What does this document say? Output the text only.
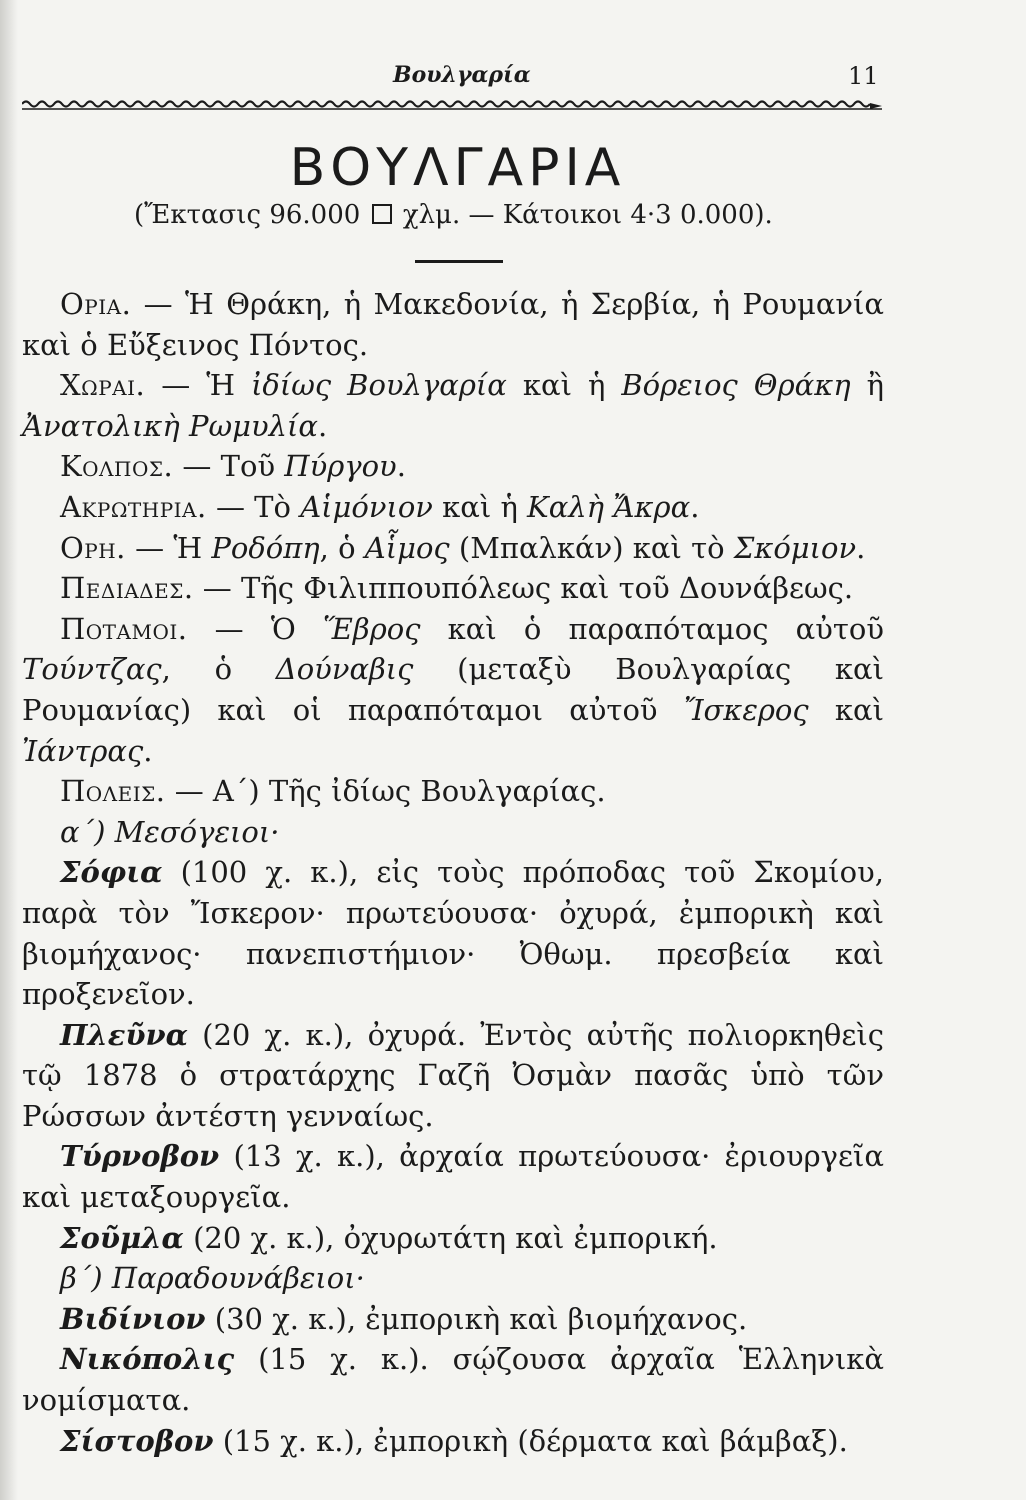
Βουλγαρία	11
ΒΟΥΛΓΑΡΙΑ
(Ἔκτασις 96.000 χλμ. — Κάτοικοι 4·3 0.000).

Ορια. — Ἡ Θράκη, ἡ Μακεδονία, ἡ Σερβία, ἡ Ρουμανία καὶ ὁ Εὔξεινος Πόντος.

Χωραι. — Ἡ ἰδίως Βουλγαρία καὶ ἡ Βόρειος Θράκη ἢ Ἀνατολικὴ Ρωμυλία.

Κολπος. — Τοῦ Πύργου.

Ακρωτηρια. — Τὸ Αἱμόνιον καὶ ἡ Καλὴ Ἄκρα.

Ορη. — Ἡ Ροδόπη, ὁ Αἷμος (Μπαλκάν) καὶ τὸ Σκόμιον.

Πεδιαδες. — Τῆς Φιλιππουπόλεως καὶ τοῦ Δουνάβεως.

Ποταμοι. — Ὁ Ἕβρος καὶ ὁ παραπόταμος αὐτοῦ Τούντζας, ὁ Δούναβις (μεταξὺ Βουλγαρίας καὶ Ρουμανίας) καὶ οἱ παραπόταμοι αὐτοῦ Ἴσκερος καὶ Ἰάντρας.

Πολεις. — Α΄) Τῆς ἰδίως Βουλγαρίας.

α΄) Μεσόγειοι·

Σόφια (100 χ. κ.), εἰς τοὺς πρόποδας τοῦ Σκομίου, παρὰ τὸν Ἴσκερον· πρωτεύουσα· ὀχυρά, ἐμπορικὴ καὶ βιομήχανος· πανεπιστήμιον· Ὀθωμ. πρεσβεία καὶ προξενεῖον.

Πλεῦνα (20 χ. κ.), ὀχυρά. Ἐντὸς αὐτῆς πολιορκηθεὶς τῷ 1878 ὁ στρατάρχης Γαζῆ Ὀσμὰν πασᾶς ὑπὸ τῶν Ρώσσων ἀντέστη γενναίως.

Τύρνοβον (13 χ. κ.), ἀρχαία πρωτεύουσα· ἐριουργεῖα καὶ μεταξουργεῖα.

Σοῦμλα (20 χ. κ.), ὀχυρωτάτη καὶ ἐμπορική.

β΄) Παραδουνάβειοι·

Βιδίνιον (30 χ. κ.), ἐμπορικὴ καὶ βιομήχανος.

Νικόπολις (15 χ. κ.). σῴζουσα ἀρχαῖα Ἑλληνικὰ νομίσματα.

Σίστοβον (15 χ. κ.), ἐμπορικὴ (δέρματα καὶ βάμβαξ).
